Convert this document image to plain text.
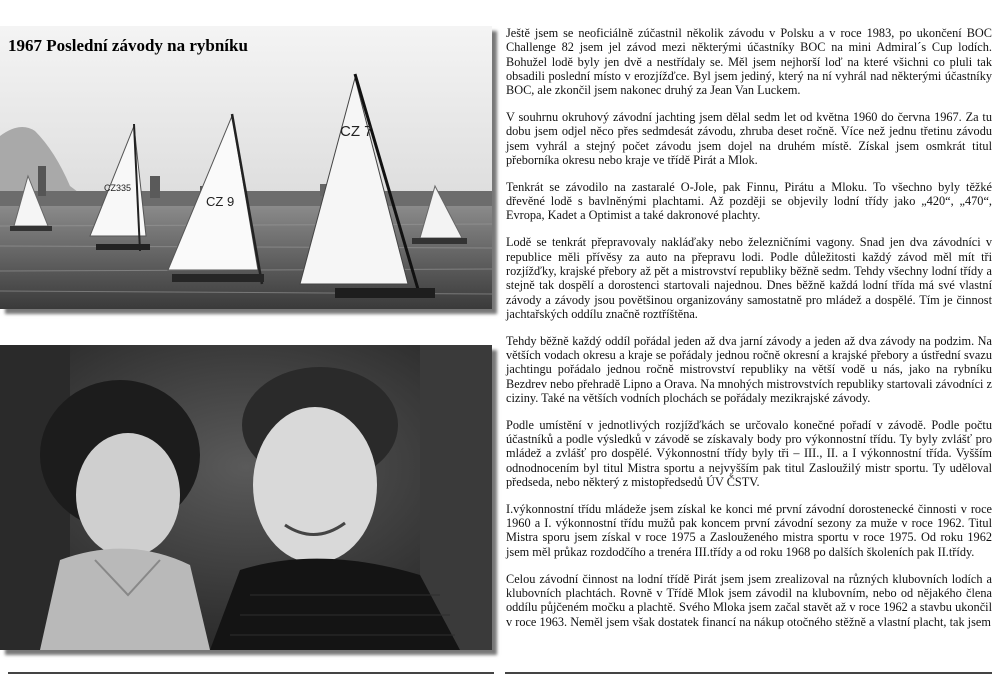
CZ335
CZ 9
CZ 7
1967 Poslední závody na rybníku

Ještě jsem se neoficiálně zúčastnil několik závodu v Polsku a v roce 1983, po ukončení BOC Challenge 82 jsem jel závod mezi některými účastníky BOC na mini Admiral´s Cup lodích. Bohužel lodě byly jen dvě a nestřídaly se. Měl jsem nejhorší loď na které všichni co pluli tak obsadili poslední místo v erozjížďce. Byl jsem jediný, který na ní vyhrál nad některými účastníky BOC, ale zkončil jsem nakonec druhý za Jean Van Luckem.

V souhrnu okruhový závodní jachting jsem dělal sedm let od května 1960 do června 1967. Za tu dobu jsem odjel něco přes sedmdesát závodu, zhruba deset ročně. Více než jednu třetinu závodu jsem vyhrál a stejný počet závodu jsem dojel na druhém místě. Získal jsem osmkrát titul přeborníka okresu nebo kraje ve třídě Pirát a Mlok.

Tenkrát se závodilo na zastaralé O-Jole, pak Finnu, Pirátu a Mloku. To všechno byly těžké dřevěné lodě s bavlněnými plachtami. Až později se objevily lodní třídy jako „420“, „470“, Evropa, Kadet a Optimist a také dakronové plachty.

Lodě se tenkrát přepravovaly nakláďaky nebo železničními vagony. Snad jen dva závodníci v republice měli přívěsy za auto na přepravu lodi. Podle důležitosti každý závod měl mít tři rozjížďky, krajské přebory až pět a mistrovství republiky běžně sedm. Tehdy všechny lodní třídy a stejně tak dospělí a dorostenci startovali najednou. Dnes běžně každá lodní třída má své vlastní závody a závody jsou povětšinou organizovány samostatně pro mládež a dospělé. Tím je činnost jachtařských oddílu značně roztříštěna.

Tehdy běžně každý oddíl pořádal jeden až dva jarní závody a jeden až dva závody na podzim. Na větších vodach okresu a kraje se pořádaly jednou ročně okresní a krajské přebory a ústřední svazu jachtingu pořádalo jednou ročně mistrovství republiky na větší vodě u nás, jako na rybníku Bezdrev nebo přehradě Lipno a Orava. Na mnohých mistrovstvích republiky startovali závodníci z ciziny. Také na větších vodních plochách se pořádaly mezikrajské závody.

Podle umístění v jednotlivých rozjížďkách se určovalo konečné pořadí v závodě. Podle počtu účastníků a podle výsledků v závodě se získavaly body pro výkonnostní třídu. Ty byly zvlášť pro mládež a zvlášť pro dospělé. Výkonnostní třídy byly tři – III., II. a I výkonnostní třída. Vyšším odnodnocením byl titul Mistra sportu a nejvyšším pak titul Zasloužilý mistr sportu. Ty uděloval předseda, nebo některý z mistopředsedů ÚV ČSTV.

I.výkonnostní třídu mládeže jsem získal ke konci mé první závodní dorostenecké činnosti v roce 1960 a I. výkonnostní třídu mužů pak koncem první závodní sezony za muže v roce 1962. Titul Mistra sporu jsem získal v roce 1975 a Zaslouženého mistra sportu v roce 1975. Od roku 1962 jsem měl průkaz rozdodčího a trenéra III.třídy a od roku 1968 po dalších školeních pak II.třídy.

Celou závodní činnost na lodní třídě Pirát jsem jsem zrealizoval na různých klubovních lodích a klubovních plachtách. Rovně v Třídě Mlok jsem závodil na klubovním, nebo od nějakého člena oddílu půjčeném močku a plachtě. Svého Mloka jsem začal stavět až v roce 1962 a stavbu ukončil v roce 1963. Neměl jsem však dostatek financí na nákup otočného stěžně a vlastní placht, tak jsem
